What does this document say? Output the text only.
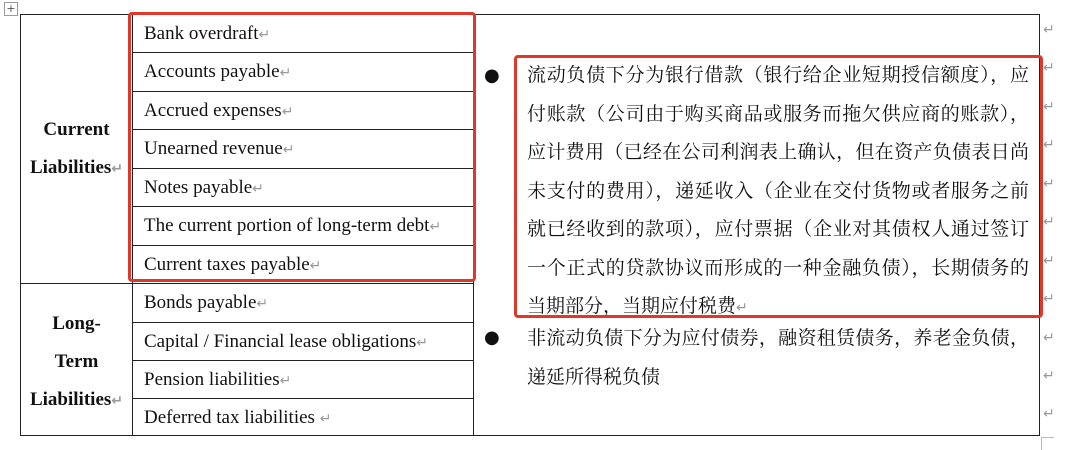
+
Current
Liabilities↵
Long-
Term
Liabilities↵
Bank overdraft↵
Accounts payable↵
Accrued expenses↵
Unearned revenue↵
Notes payable↵
The current portion of long-term debt↵
Current taxes payable↵
Bonds payable↵
Capital / Financial lease obligations↵
Pension liabilities↵
Deferred tax liabilities ↵
● 流动负债下分为银行借款（银行给企业短期授信额度），应付账款（公司由于购买商品或服务而拖欠供应商的账款），应计费用（已经在公司利润表上确认，但在资产负债表日尚未支付的费用），递延收入（企业在交付货物或者服务之前就已经收到的款项），应付票据（企业对其债权人通过签订一个正式的贷款协议而形成的一种金融负债），长期债务的当期部分，当期应付税费↵
● 非流动负债下分为应付债券，融资租赁债务，养老金负债，递延所得税负债
↵
↵
↵
↵
↵
↵
↵
↵
↵
↵
↵
